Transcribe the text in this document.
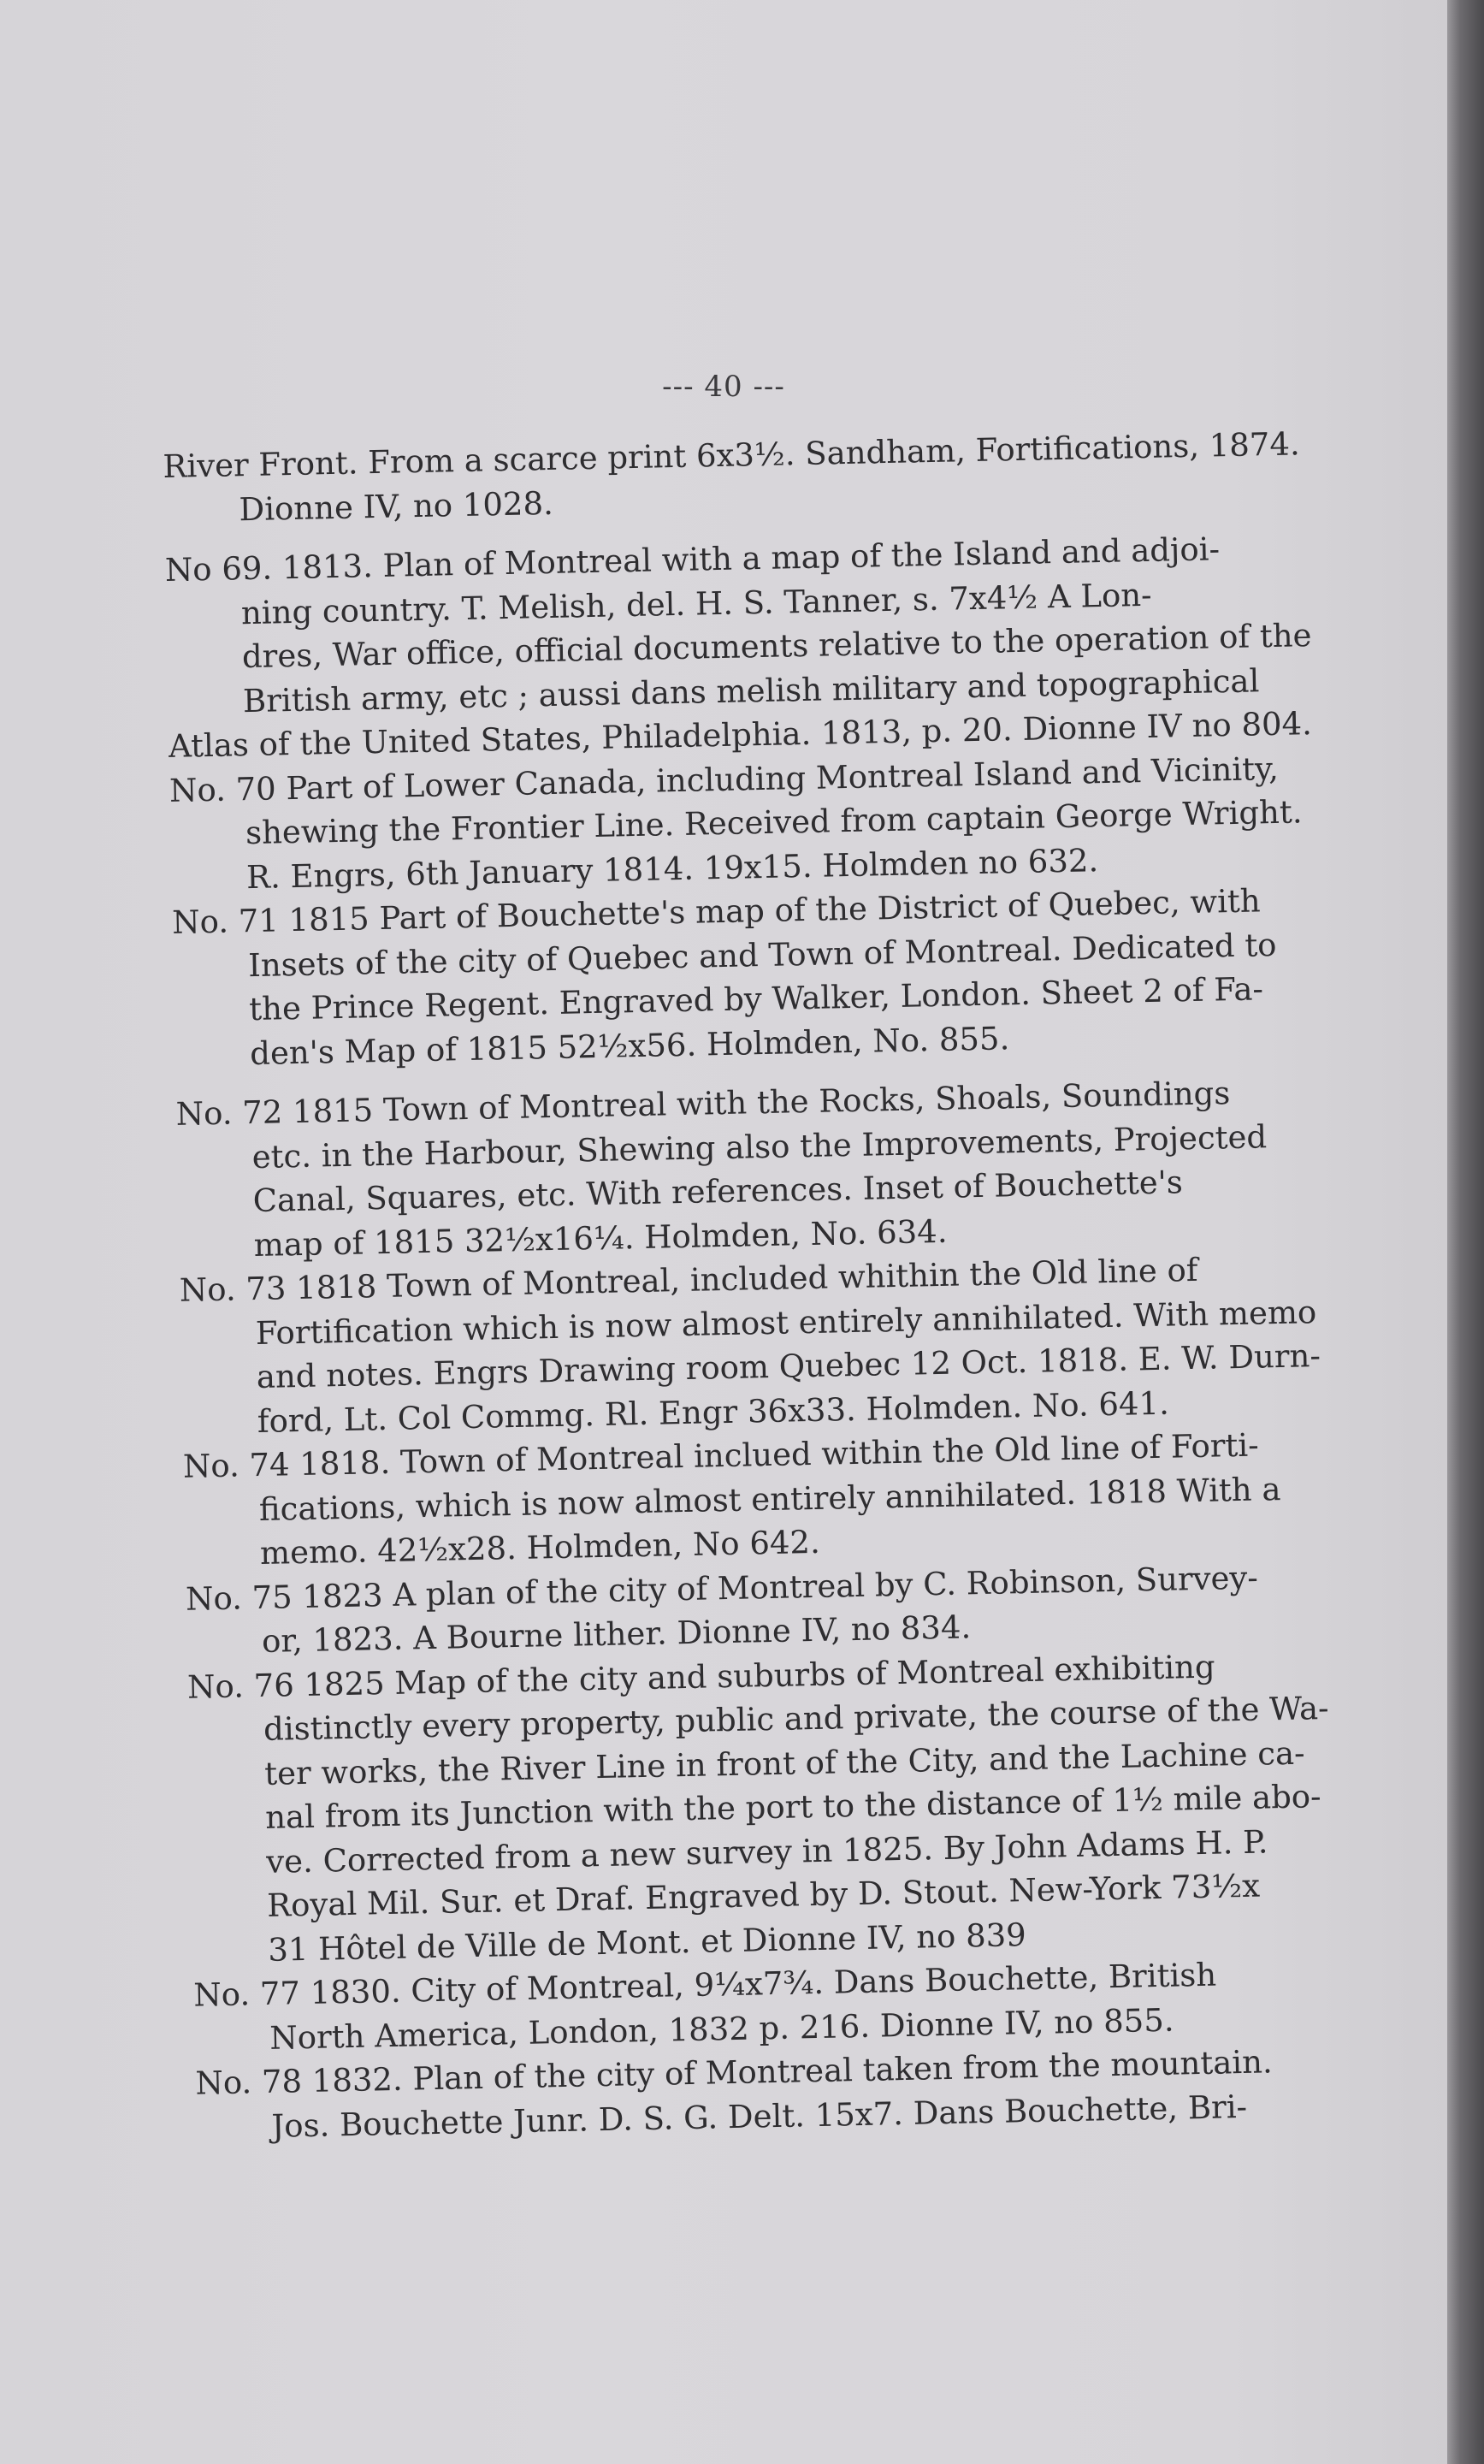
--- 40 ---
River Front. From a scarce print 6x3½. Sandham, Fortifications, 1874.
Dionne IV, no 1028.
No 69. 1813. Plan of Montreal with a map of the Island and adjoi-
ning country. T. Melish, del. H. S. Tanner, s. 7x4½ A Lon-
dres, War office, official documents relative to the operation of the
British army, etc ; aussi dans melish military and topographical
Atlas of the United States, Philadelphia. 1813, p. 20. Dionne IV no 804.
No. 70 Part of Lower Canada, including Montreal Island and Vicinity,
shewing the Frontier Line. Received from captain George Wright.
R. Engrs, 6th January 1814. 19x15. Holmden no 632.
No. 71 1815 Part of Bouchette's map of the District of Quebec, with
Insets of the city of Quebec and Town of Montreal. Dedicated to
the Prince Regent. Engraved by Walker, London. Sheet 2 of Fa-
den's Map of 1815 52½x56. Holmden, No. 855.
No. 72 1815 Town of Montreal with the Rocks, Shoals, Soundings
etc. in the Harbour, Shewing also the Improvements, Projected
Canal, Squares, etc. With references. Inset of Bouchette's
map of 1815 32½x16¼. Holmden, No. 634.
No. 73 1818 Town of Montreal, included whithin the Old line of
Fortification which is now almost entirely annihilated. With memo
and notes. Engrs Drawing room Quebec 12 Oct. 1818. E. W. Durn-
ford, Lt. Col Commg. Rl. Engr 36x33. Holmden. No. 641.
No. 74 1818. Town of Montreal inclued within the Old line of Forti-
fications, which is now almost entirely annihilated. 1818 With a
memo. 42½x28. Holmden, No 642.
No. 75 1823 A plan of the city of Montreal by C. Robinson, Survey-
or, 1823. A Bourne lither. Dionne IV, no 834.
No. 76 1825 Map of the city and suburbs of Montreal exhibiting
distinctly every property, public and private, the course of the Wa-
ter works, the River Line in front of the City, and the Lachine ca-
nal from its Junction with the port to the distance of 1½ mile abo-
ve. Corrected from a new survey in 1825. By John Adams H. P.
Royal Mil. Sur. et Draf. Engraved by D. Stout. New-York 73½x
31 Hôtel de Ville de Mont. et Dionne IV, no 839
No. 77 1830. City of Montreal, 9¼x7¾. Dans Bouchette, British
North America, London, 1832 p. 216. Dionne IV, no 855.
No. 78 1832. Plan of the city of Montreal taken from the mountain.
Jos. Bouchette Junr. D. S. G. Delt. 15x7. Dans Bouchette, Bri-
